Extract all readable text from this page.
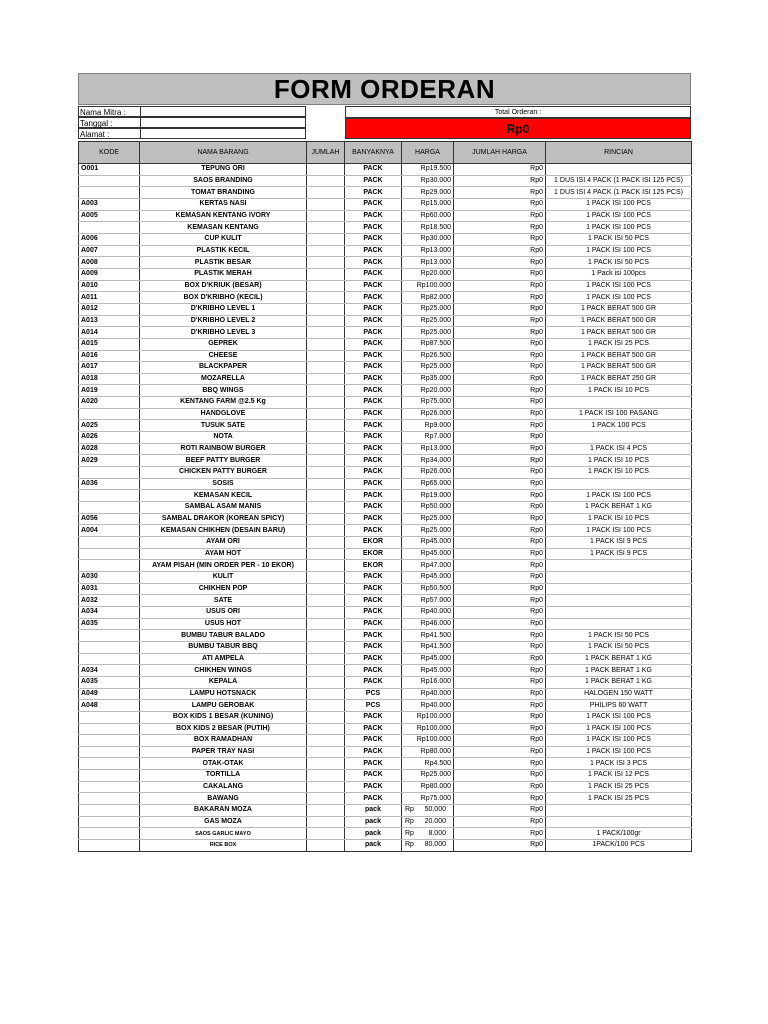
FORM ORDERAN
Nama Mitra :
Tanggal :
Alamat :
Total Orderan :
Rp0
KODE	NAMA BARANG	JUMLAH	BANYAKNYA	HARGA	JUMLAH HARGA	RINCIAN
O001	TEPUNG ORI		PACK	Rp19.500	Rp0	
	SAOS BRANDING		PACK	Rp30.000	Rp0	1 DUS ISI 4 PACK (1 PACK ISI 125 PCS)
	TOMAT BRANDING		PACK	Rp29.000	Rp0	1 DUS ISI 4 PACK (1 PACK ISI 125 PCS)
A003	KERTAS NASI		PACK	Rp15.000	Rp0	1 PACK ISI 100 PCS
A005	KEMASAN KENTANG IVORY		PACK	Rp60.000	Rp0	1 PACK ISI 100 PCS
	KEMASAN KENTANG		PACK	Rp18.500	Rp0	1 PACK ISI 100 PCS
A006	CUP KULIT		PACK	Rp30.000	Rp0	1 PACK ISI 50 PCS
A007	PLASTIK KECIL		PACK	Rp13.000	Rp0	1 PACK ISI 100 PCS
A008	PLASTIK BESAR		PACK	Rp13.000	Rp0	1 PACK ISI 50 PCS
A009	PLASTIK MERAH		PACK	Rp20.000	Rp0	1 Pack isi 100pcs
A010	BOX D'KRIUK (BESAR)		PACK	Rp100.000	Rp0	1 PACK ISI 100 PCS
A011	BOX D'KRIBHO (KECIL)		PACK	Rp82.000	Rp0	1 PACK ISI 100 PCS
A012	D'KRIBHO LEVEL 1		PACK	Rp25.000	Rp0	1 PACK BERAT 500 GR
A013	D'KRIBHO LEVEL 2		PACK	Rp25.000	Rp0	1 PACK BERAT 500 GR
A014	D'KRIBHO LEVEL 3		PACK	Rp25.000	Rp0	1 PACK BERAT 500 GR
A015	GEPREK		PACK	Rp87.500	Rp0	1 PACK ISI 25 PCS
A016	CHEESE		PACK	Rp26.500	Rp0	1 PACK BERAT 500 GR
A017	BLACKPAPER		PACK	Rp25.000	Rp0	1 PACK BERAT 500 GR
A018	MOZARELLA		PACK	Rp35.000	Rp0	1 PACK BERAT 250 GR
A019	BBQ WINGS		PACK	Rp20.000	Rp0	1 PACK ISI 10 PCS
A020	KENTANG FARM @2.5 Kg		PACK	Rp75.000	Rp0	
	HANDGLOVE		PACK	Rp26.000	Rp0	1 PACK ISI 100 PASANG
A025	TUSUK SATE		PACK	Rp9.000	Rp0	1 PACK 100 PCS
A026	NOTA		PACK	Rp7.000	Rp0	
A028	ROTI RAINBOW BURGER		PACK	Rp13.000	Rp0	1 PACK ISI 4 PCS
A029	BEEF PATTY BURGER		PACK	Rp34.000	Rp0	1 PACK ISI 10 PCS
	CHICKEN PATTY BURGER		PACK	Rp26.000	Rp0	1 PACK ISI 10 PCS
A036	SOSIS		PACK	Rp65.000	Rp0	
	KEMASAN KECIL		PACK	Rp19.000	Rp0	1 PACK ISI 100 PCS
	SAMBAL ASAM MANIS		PACK	Rp50.000	Rp0	1 PACK BERAT 1 KG
A056	SAMBAL DRAKOR (KOREAN SPICY)		PACK	Rp25.000	Rp0	1 PACK ISI 10 PCS
A004	KEMASAN CHIKHEN (DESAIN BARU)		PACK	Rp25.000	Rp0	1 PACK ISI 100 PCS
	AYAM ORI		EKOR	Rp45.000	Rp0	1 PACK ISI 9 PCS
	AYAM HOT		EKOR	Rp45.000	Rp0	1 PACK ISI 9 PCS
	AYAM PISAH (MIN ORDER PER - 10 EKOR)		EKOR	Rp47.000	Rp0	
A030	KULIT		PACK	Rp45.000	Rp0	
A031	CHIKHEN POP		PACK	Rp50.500	Rp0	
A032	SATE		PACK	Rp57.000	Rp0	
A034	USUS ORI		PACK	Rp40.000	Rp0	
A035	USUS HOT		PACK	Rp46.000	Rp0	
	BUMBU TABUR BALADO		PACK	Rp41.500	Rp0	1 PACK ISI 50 PCS
	BUMBU TABUR BBQ		PACK	Rp41.500	Rp0	1 PACK ISI 50 PCS
	ATI AMPELA		PACK	Rp45.000	Rp0	1 PACK BERAT 1 KG
A034	CHIKHEN WINGS		PACK	Rp45.000	Rp0	1 PACK BERAT 1 KG
A035	KEPALA		PACK	Rp16.000	Rp0	1 PACK BERAT 1 KG
A049	LAMPU HOTSNACK		PCS	Rp40.000	Rp0	HALOGEN 150 WATT
A048	LAMPU GEROBAK		PCS	Rp40.000	Rp0	PHILIPS 60 WATT
	BOX KIDS 1 BESAR (KUNING)		PACK	Rp100.000	Rp0	1 PACK ISI 100 PCS
	BOX KIDS 2 BESAR (PUTIH)		PACK	Rp100.000	Rp0	1 PACK ISI 100 PCS
	BOX RAMADHAN		PACK	Rp100.000	Rp0	1 PACK ISI 100 PCS
	PAPER TRAY NASI		PACK	Rp80.000	Rp0	1 PACK ISI 100 PCS
	OTAK-OTAK		PACK	Rp4.500	Rp0	1 PACK ISI 3 PCS
	TORTILLA		PACK	Rp25.000	Rp0	1 PACK ISI 12 PCS
	CAKALANG		PACK	Rp80.000	Rp0	1 PACK ISI 25 PCS
	BAWANG		PACK	Rp75.000	Rp0	1 PACK ISI 25 PCS
	BAKARAN MOZA		pack	Rp 50.000	Rp0	
	GAS MOZA		pack	Rp 20.000	Rp0	
	SAOS GARLIC MAYO		pack	Rp 8.000	Rp0	1 PACK/100gr
	RICE BOX		pack	Rp 80.000	Rp0	1PACK/100 PCS
